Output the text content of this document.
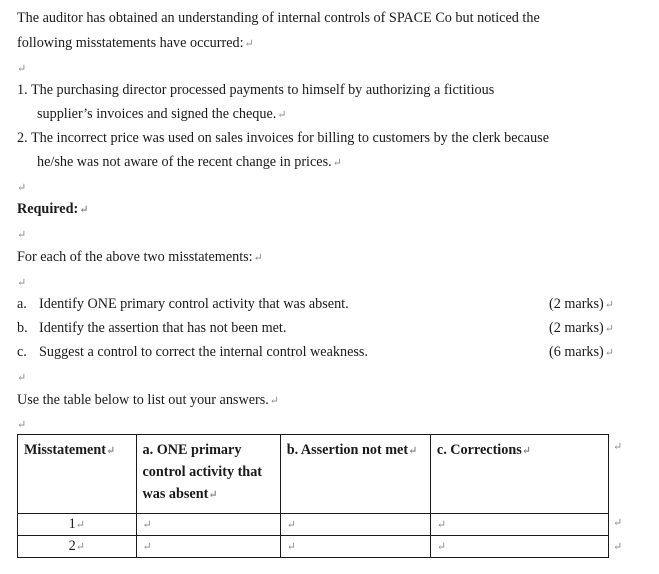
The auditor has obtained an understanding of internal controls of SPACE Co but noticed the
following misstatements have occurred:↵
↵
1. The purchasing director processed payments to himself by authorizing a fictitious
supplier’s invoices and signed the cheque.↵
2. The incorrect price was used on sales invoices for billing to customers by the clerk because
he/she was not aware of the recent change in prices.↵
↵
Required:↵
↵
For each of the above two misstatements:↵
↵
a. Identify ONE primary control activity that was absent.	(2 marks)↵
b. Identify the assertion that has not been met.	(2 marks)↵
c. Suggest a control to correct the internal control weakness.	(6 marks)↵
↵
Use the table below to list out your answers.↵
↵
Misstatement↵	a. ONE primary control activity that was absent↵	b. Assertion not met↵	c. Corrections↵
1↵	↵	↵	↵
2↵	↵	↵	↵
↵
↵
↵
